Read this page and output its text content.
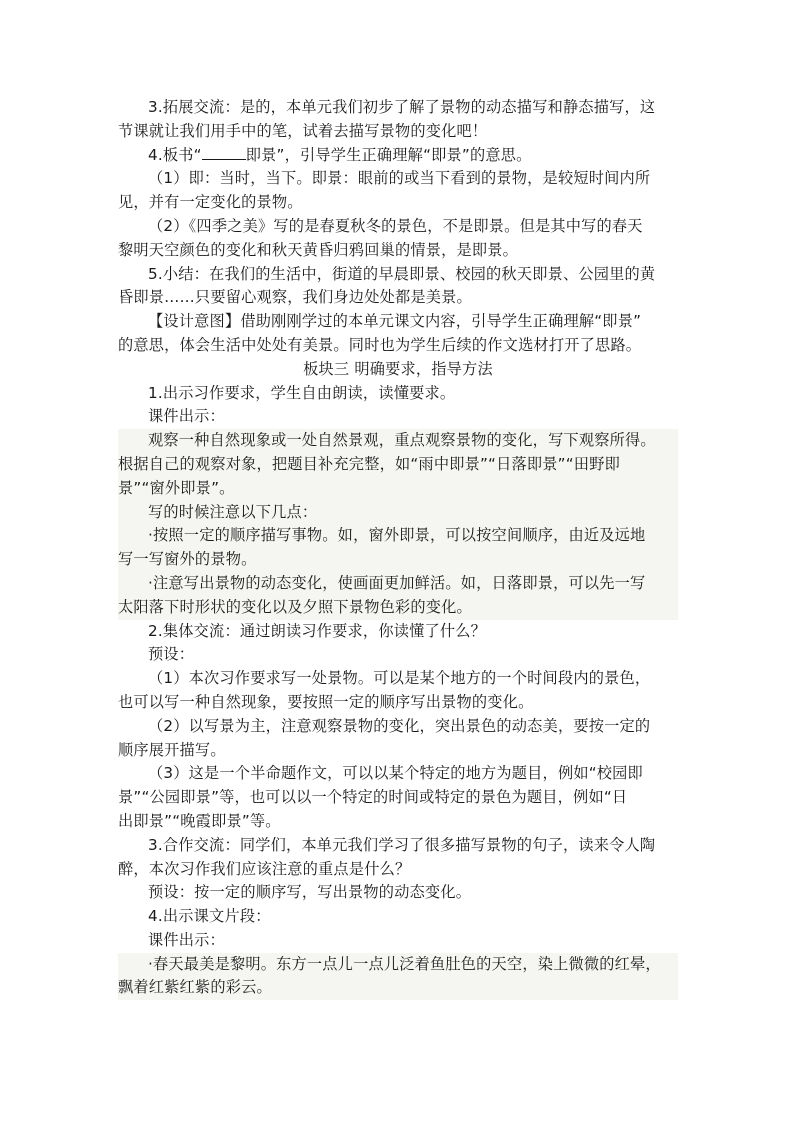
3.拓展交流：是的，本单元我们初步了解了景物的动态描写和静态描写，这
节课就让我们用手中的笔，试着去描写景物的变化吧！
4.板书“	即景”，引导学生正确理解“即景”的意思。
（1）即：当时，当下。即景：眼前的或当下看到的景物，是较短时间内所
见，并有一定变化的景物。
（2）《四季之美》写的是春夏秋冬的景色，不是即景。但是其中写的春天
黎明天空颜色的变化和秋天黄昏归鸦回巢的情景，是即景。
5.小结：在我们的生活中，街道的早晨即景、校园的秋天即景、公园里的黄
昏即景……只要留心观察，我们身边处处都是美景。
【设计意图】借助刚刚学过的本单元课文内容，引导学生正确理解“即景”
的意思，体会生活中处处有美景。同时也为学生后续的作文选材打开了思路。
板块三 明确要求，指导方法
1.出示习作要求，学生自由朗读，读懂要求。
课件出示：
观察一种自然现象或一处自然景观，重点观察景物的变化，写下观察所得。
根据自己的观察对象，把题目补充完整，如“雨中即景”“日落即景”“田野即
景”“窗外即景”。
写的时候注意以下几点：
·按照一定的顺序描写事物。如，窗外即景，可以按空间顺序，由近及远地
写一写窗外的景物。
·注意写出景物的动态变化，使画面更加鲜活。如，日落即景，可以先一写
太阳落下时形状的变化以及夕照下景物色彩的变化。
2.集体交流：通过朗读习作要求，你读懂了什么？
预设：
（1）本次习作要求写一处景物。可以是某个地方的一个时间段内的景色，
也可以写一种自然现象，要按照一定的顺序写出景物的变化。
（2）以写景为主，注意观察景物的变化，突出景色的动态美，要按一定的
顺序展开描写。
（3）这是一个半命题作文，可以以某个特定的地方为题目，例如“校园即
景”“公园即景”等，也可以以一个特定的时间或特定的景色为题目，例如“日
出即景”“晚霞即景”等。
3.合作交流：同学们，本单元我们学习了很多描写景物的句子，读来令人陶
醉，本次习作我们应该注意的重点是什么？
预设：按一定的顺序写，写出景物的动态变化。
4.出示课文片段：
课件出示：
·春天最美是黎明。东方一点儿一点儿泛着鱼肚色的天空，染上微微的红晕，
飘着红紫红紫的彩云。
